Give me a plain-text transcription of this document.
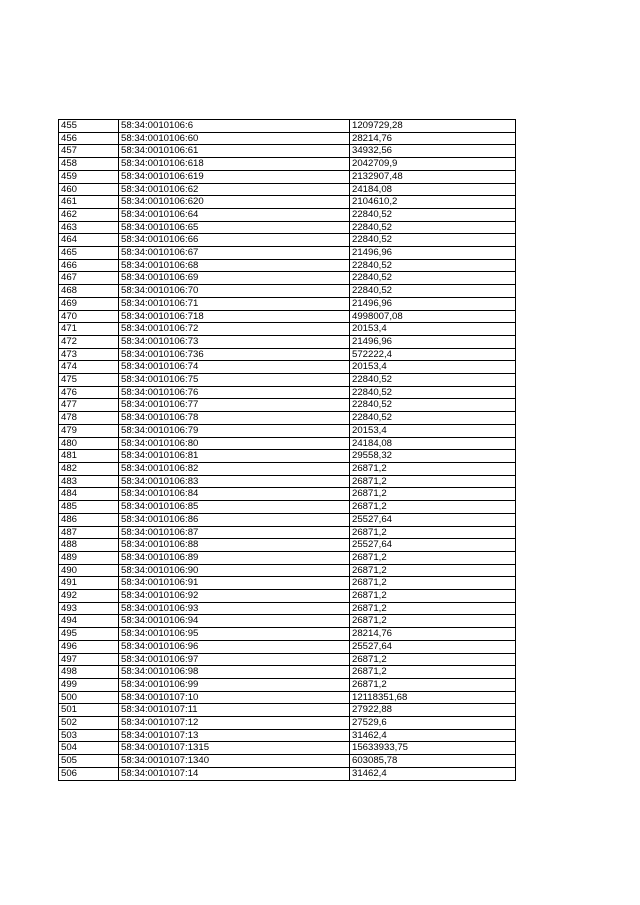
455	58:34:0010106:6	1209729,28
456	58:34:0010106:60	28214,76
457	58:34:0010106:61	34932,56
458	58:34:0010106:618	2042709,9
459	58:34:0010106:619	2132907,48
460	58:34:0010106:62	24184,08
461	58:34:0010106:620	2104610,2
462	58:34:0010106:64	22840,52
463	58:34:0010106:65	22840,52
464	58:34:0010106:66	22840,52
465	58:34:0010106:67	21496,96
466	58:34:0010106:68	22840,52
467	58:34:0010106:69	22840,52
468	58:34:0010106:70	22840,52
469	58:34:0010106:71	21496,96
470	58:34:0010106:718	4998007,08
471	58:34:0010106:72	20153,4
472	58:34:0010106:73	21496,96
473	58:34:0010106:736	572222,4
474	58:34:0010106:74	20153,4
475	58:34:0010106:75	22840,52
476	58:34:0010106:76	22840,52
477	58:34:0010106:77	22840,52
478	58:34:0010106:78	22840,52
479	58:34:0010106:79	20153,4
480	58:34:0010106:80	24184,08
481	58:34:0010106:81	29558,32
482	58:34:0010106:82	26871,2
483	58:34:0010106:83	26871,2
484	58:34:0010106:84	26871,2
485	58:34:0010106:85	26871,2
486	58:34:0010106:86	25527,64
487	58:34:0010106:87	26871,2
488	58:34:0010106:88	25527,64
489	58:34:0010106:89	26871,2
490	58:34:0010106:90	26871,2
491	58:34:0010106:91	26871,2
492	58:34:0010106:92	26871,2
493	58:34:0010106:93	26871,2
494	58:34:0010106:94	26871,2
495	58:34:0010106:95	28214,76
496	58:34:0010106:96	25527,64
497	58:34:0010106:97	26871,2
498	58:34:0010106:98	26871,2
499	58:34:0010106:99	26871,2
500	58:34:0010107:10	12118351,68
501	58:34:0010107:11	27922,88
502	58:34:0010107:12	27529,6
503	58:34:0010107:13	31462,4
504	58:34:0010107:1315	15633933,75
505	58:34:0010107:1340	603085,78
506	58:34:0010107:14	31462,4
